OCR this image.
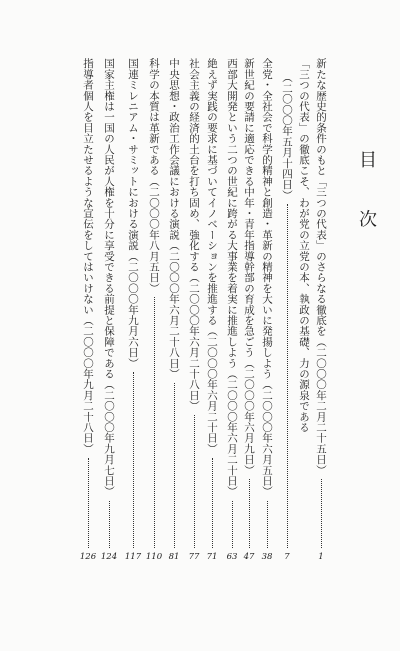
目 次
新たな歴史的条件のもと「三つの代表」のさらなる徹底を（二〇〇〇年二月二十五日）
1
「三つの代表」の徹底こそ、わが党の立党の本、執政の基礎、力の源泉である
（二〇〇〇年五月十四日）
7
全党・全社会で科学的精神と創造・革新の精神を大いに発揚しよう（二〇〇〇年六月五日）
38
新世紀の要請に適応できる中年・青年指導幹部の育成を急ごう（二〇〇〇年六月九日）
47
西部大開発という二つの世紀に跨がる大事業を着実に推進しよう（二〇〇〇年六月二十日）
63
絶えず実践の要求に基づいてイノベーションを推進する（二〇〇〇年六月二十日）
71
社会主義の経済的土台を打ち固め、強化する（二〇〇〇年六月二十八日）
77
中央思想・政治工作会議における演説（二〇〇〇年六月二十八日）
81
科学の本質は革新である（二〇〇〇年八月五日）
110
国連ミレニアム・サミットにおける演説（二〇〇〇年九月六日）
117
国家主権は一国の人民が人権を十分に享受できる前提と保障である（二〇〇〇年九月七日）
124
指導者個人を目立たせるような宣伝をしてはいけない（二〇〇〇年九月二十八日）
126
